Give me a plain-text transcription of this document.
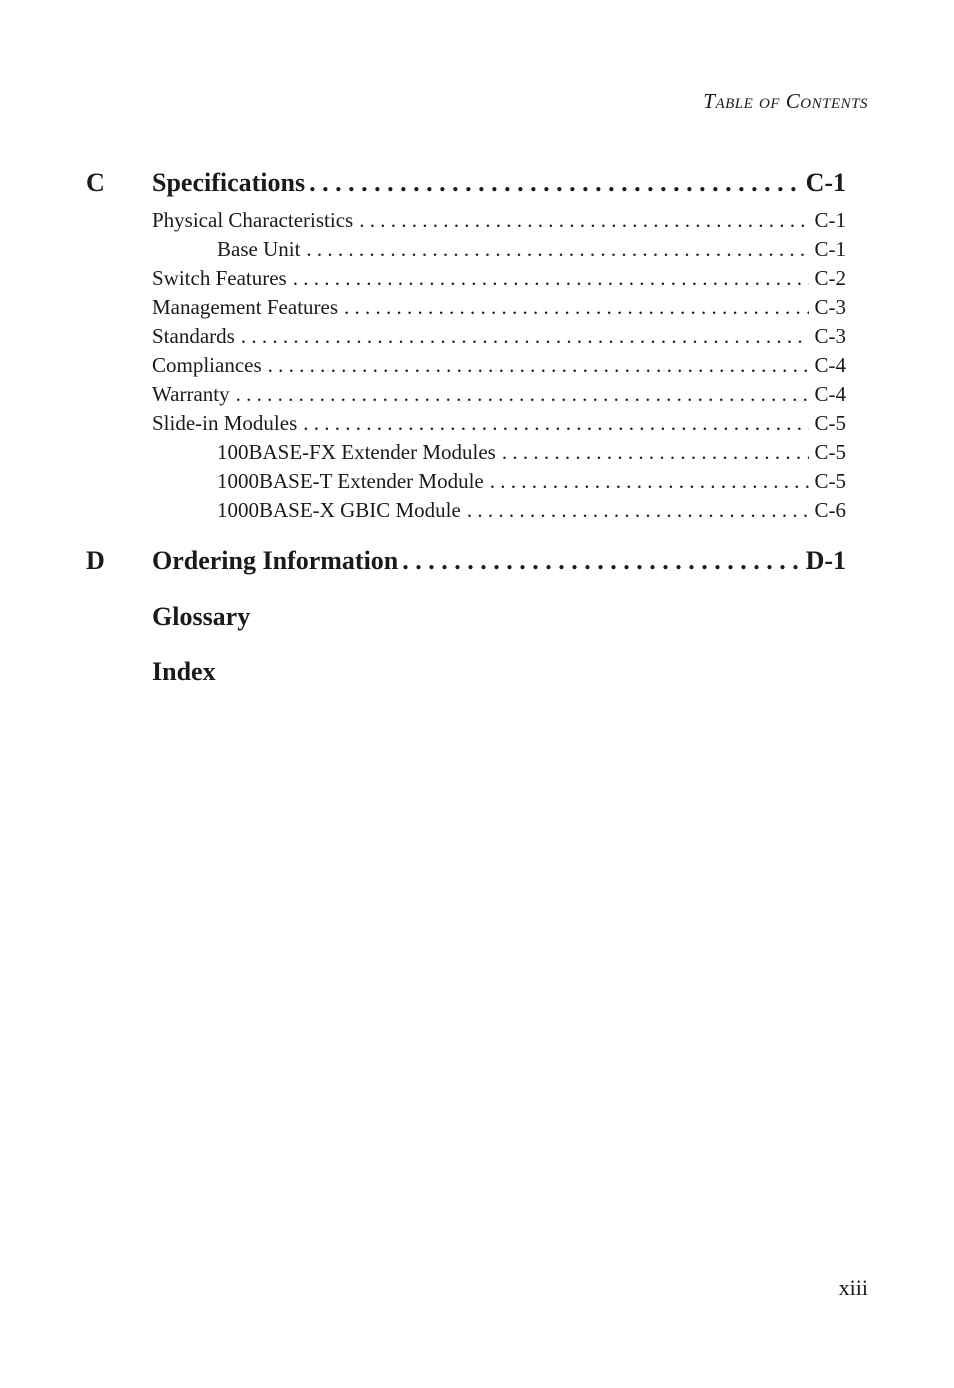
Table of Contents
C	Specifications . . .	C-1
Physical Characteristics . . .	C-1
Base Unit . . .	C-1
Switch Features . . .	C-2
Management Features . . .	C-3
Standards . . .	C-3
Compliances . . .	C-4
Warranty . . .	C-4
Slide-in Modules . . .	C-5
100BASE-FX Extender Modules . . .	C-5
1000BASE-T Extender Module . . .	C-5
1000BASE-X GBIC Module . . .	C-6
D	Ordering Information . . .	D-1
Glossary
Index
xiii
